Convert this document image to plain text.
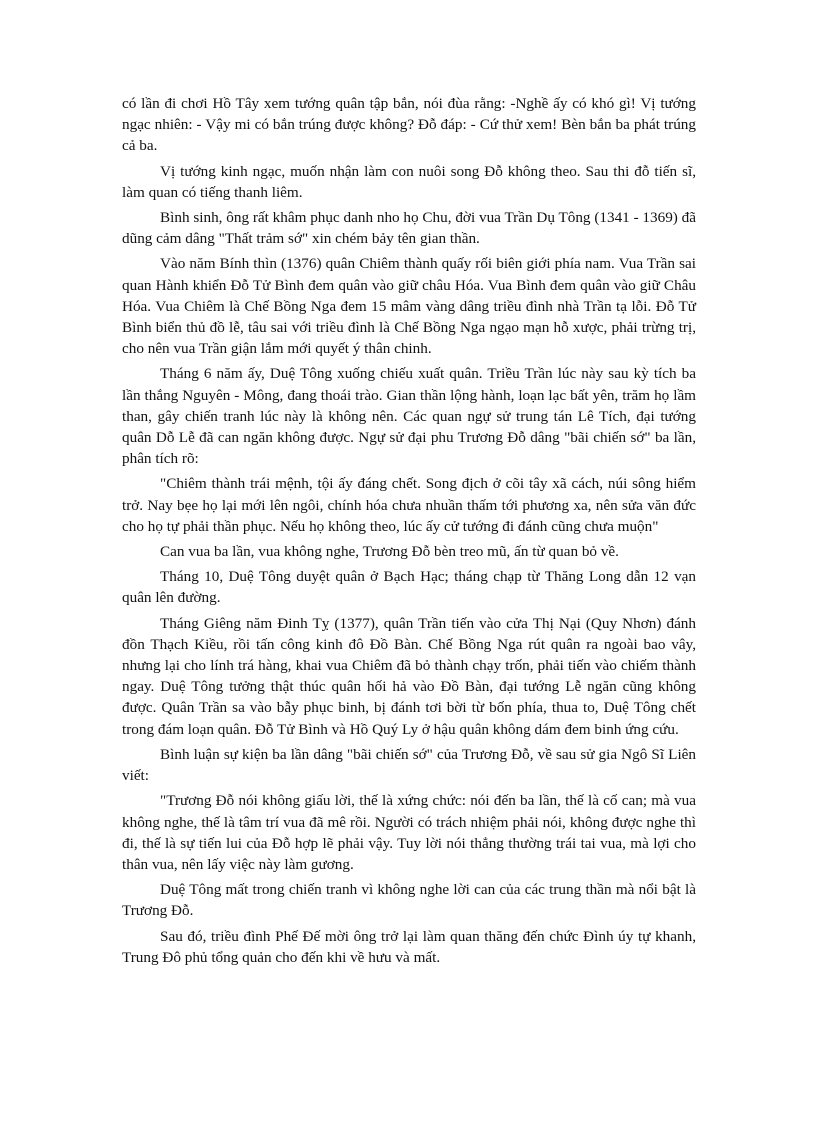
có lần đi chơi Hồ Tây xem tướng quân tập bắn, nói đùa rằng: -Nghề ấy có khó gì! Vị tướng ngạc nhiên: - Vậy mi có bắn trúng được không? Đỗ đáp: - Cứ thử xem! Bèn bắn ba phát trúng cả ba.

Vị tướng kinh ngạc, muốn nhận làm con nuôi song Đỗ không theo. Sau thi đỗ tiến sĩ, làm quan có tiếng thanh liêm.

Bình sinh, ông rất khâm phục danh nho họ Chu, đời vua Trần Dụ Tông (1341 - 1369) đã dũng cảm dâng "Thất trảm sớ" xin chém bảy tên gian thần.

Vào năm Bính thìn (1376) quân Chiêm thành quấy rối biên giới phía nam. Vua Trần sai quan Hành khiển Đỗ Tử Bình đem quân vào giữ châu Hóa. Vua Bình đem quân vào giữ Châu Hóa. Vua Chiêm là Chế Bồng Nga đem 15 mâm vàng dâng triều đình nhà Trần tạ lỗi. Đỗ Tử Bình biển thủ đồ lễ, tâu sai với triều đình là Chế Bồng Nga ngạo mạn hỗ xược, phải trừng trị, cho nên vua Trần giận lắm mới quyết ý thân chinh.

Tháng 6 năm ấy, Duệ Tông xuống chiếu xuất quân. Triều Trần lúc này sau kỳ tích ba lần thắng Nguyên - Mông, đang thoái trào. Gian thần lộng hành, loạn lạc bất yên, trăm họ lầm than, gây chiến tranh lúc này là không nên. Các quan ngự sử trung tán Lê Tích, đại tướng quân Dỗ Lễ đã can ngăn không được. Ngự sử đại phu Trương Đỗ dâng "bãi chiến sớ" ba lần, phân tích rõ:

"Chiêm thành trái mệnh, tội ấy đáng chết. Song địch ở cõi tây xã cách, núi sông hiểm trở. Nay bẹe họ lại mới lên ngôi, chính hóa chưa nhuần thấm tới phương xa, nên sửa văn đức cho họ tự phải thần phục. Nếu họ không theo, lúc ấy cử tướng đi đánh cũng chưa muộn"

Can vua ba lần, vua không nghe, Trương Đỗ bèn treo mũ, ấn từ quan bỏ về.

Tháng 10, Duệ Tông duyệt quân ở Bạch Hạc; tháng chạp từ Thăng Long dẫn 12 vạn quân lên đường.

Tháng Giêng năm Đinh Tỵ (1377), quân Trần tiến vào cửa Thị Nại (Quy Nhơn) đánh đồn Thạch Kiều, rồi tấn công kinh đô Đồ Bàn. Chế Bồng Nga rút quân ra ngoài bao vây, nhưng lại cho lính trá hàng, khai vua Chiêm đã bỏ thành chạy trốn, phải tiến vào chiếm thành ngay. Duệ Tông tưởng thật thúc quân hối hả vào Đồ Bàn, đại tướng Lễ ngăn cũng không được. Quân Trần sa vào bẫy phục binh, bị đánh tơi bời từ bốn phía, thua to, Duệ Tông chết trong đám loạn quân. Đỗ Tử Bình và Hồ Quý Ly ở hậu quân không dám đem binh ứng cứu.

Bình luận sự kiện ba lần dâng "bãi chiến sớ" của Trương Đỗ, về sau sử gia Ngô Sĩ Liên viết:

"Trương Đỗ nói không giấu lời, thế là xứng chức: nói đến ba lần, thế là cố can; mà vua không nghe, thế là tâm trí vua đã mê rồi. Người có trách nhiệm phải nói, không được nghe thì đi, thế là sự tiến lui của Đỗ hợp lẽ phải vậy. Tuy lời nói thẳng thường trái tai vua, mà lợi cho thân vua, nên lấy việc này làm gương.

Duệ Tông mất trong chiến tranh vì không nghe lời can của các trung thần mà nổi bật là Trương Đỗ.

Sau đó, triều đình Phế Đế mời ông trở lại làm quan thăng đến chức Đình úy tự khanh, Trung Đô phủ tổng quản cho đến khi về hưu và mất.
